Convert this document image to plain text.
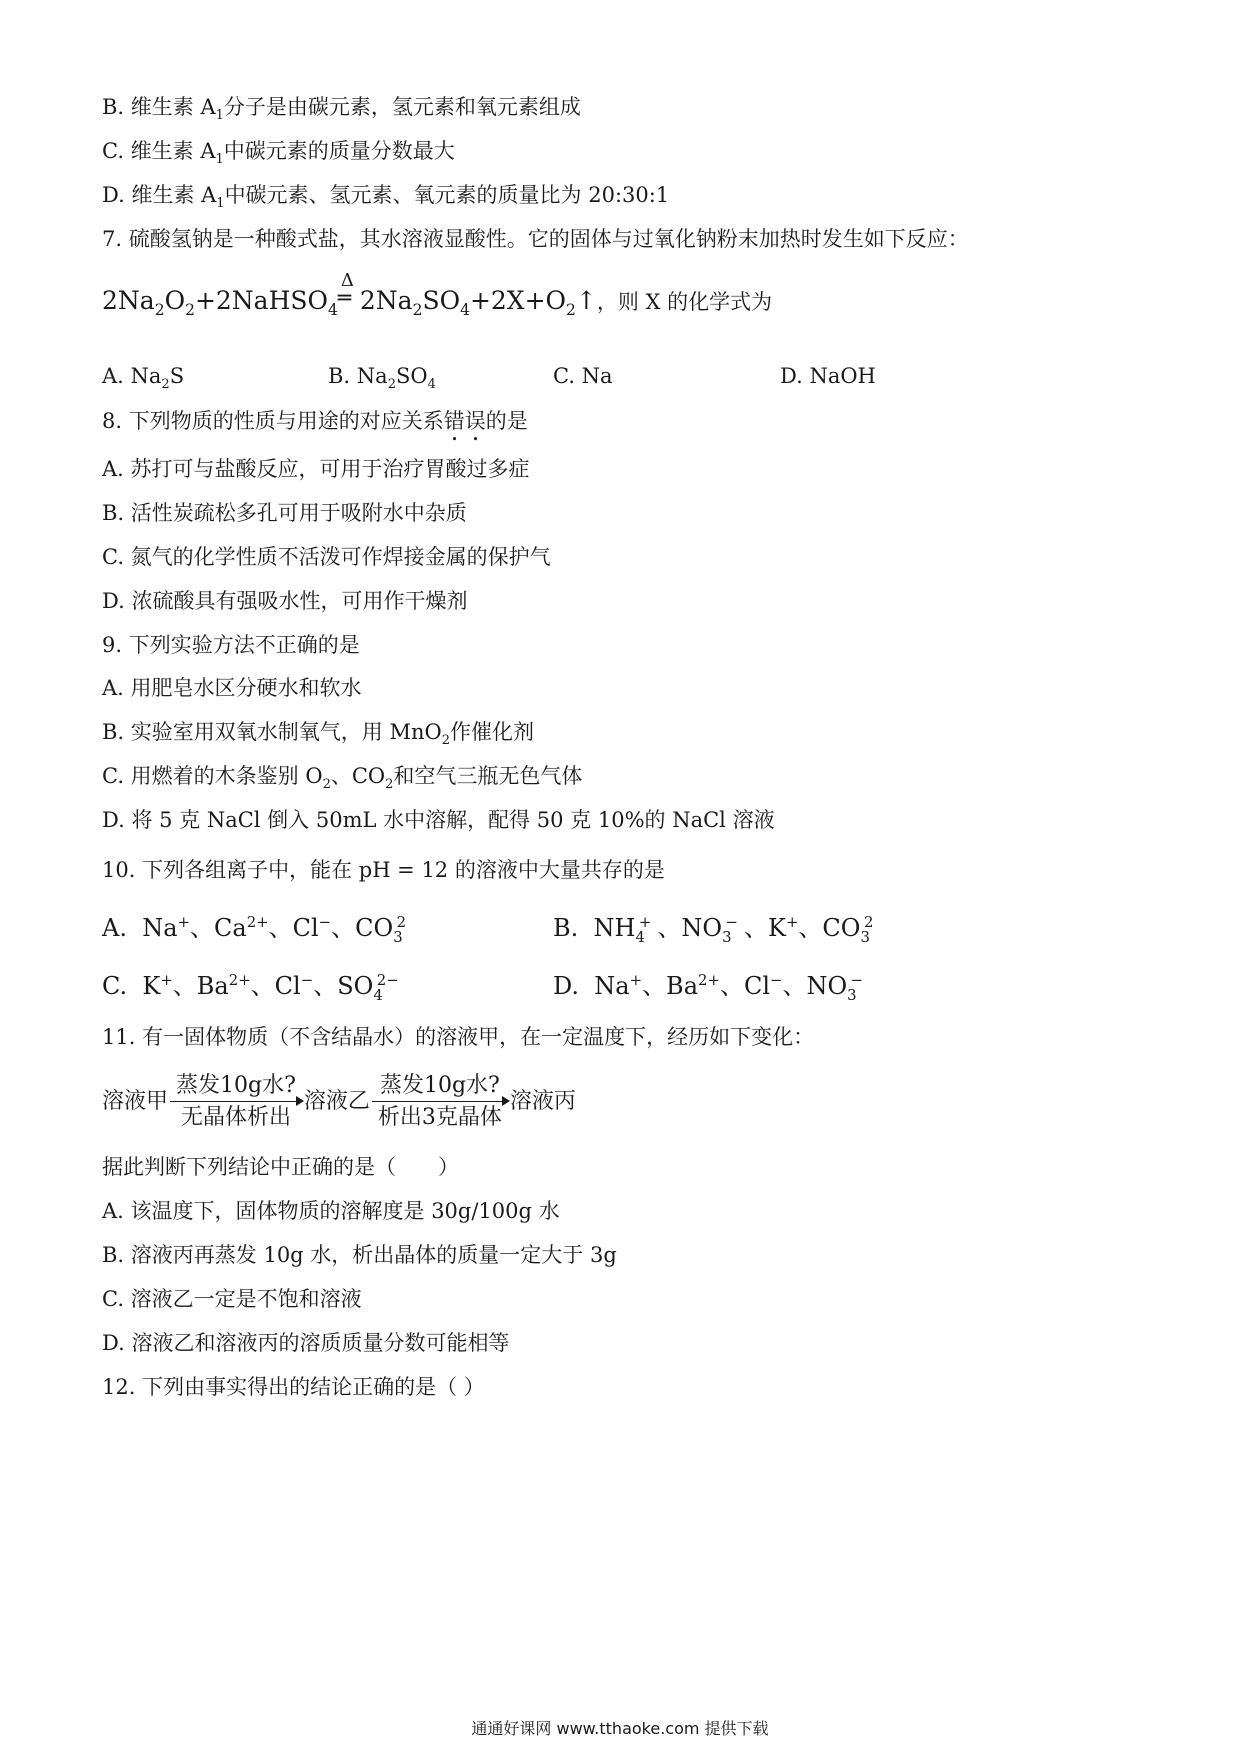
B. 维生素 $A_1$分子是由碳元素，氢元素和氧元素组成
C. 维生素 $A_1$中碳元素的质量分数最大
D. 维生素 $A_1$中碳元素、氢元素、氧元素的质量比为 20:30:1
7. 硫酸氢钠是一种酸式盐，其水溶液显酸性。它的固体与过氧化钠粉末加热时发生如下反应：
$2Na_2O_2+2NaHSO_4$
Δ
═ $2Na_2SO_4+2X+O_2↑$，则 X 的化学式为
A. $Na_2S$	B. $Na_2SO_4$	C. Na	D. NaOH
8. 下列物质的性质与用途的对应关系错误的是
A. 苏打可与盐酸反应，可用于治疗胃酸过多症
B. 活性炭疏松多孔可用于吸附水中杂质
C. 氮气的化学性质不活泼可作焊接金属的保护气
D. 浓硫酸具有强吸水性，可用作干燥剂
9. 下列实验方法不正确的是
A. 用肥皂水区分硬水和软水
B. 实验室用双氧水制氧气，用 MnO$_2$作催化剂
C. 用燃着的木条鉴别 $O_2$、$CO_2$和空气三瓶无色气体
D. 将 5 克 NaCl 倒入 50mL 水中溶解，配得 50 克 10%的 NaCl 溶液
10. 下列各组离子中，能在 pH = 12 的溶液中大量共存的是
A.  Na+、$Ca^{2+}$、Cl−、$CO_3^2$	B.  $NH_4^+$ 、$NO_3^-$ 、K+、$CO_3^2$
C.  K+、$Ba^{2+}$、Cl−、$SO_4^{2-}$	D.  Na+、$Ba^{2+}$、Cl−、$NO_3^-$
11. 有一固体物质（不含结晶水）的溶液甲，在一定温度下，经历如下变化：
溶液甲 $\frac{\text{蒸发10g水?}}{\text{无晶体析出}}$ 溶液乙 $\frac{\text{蒸发10g水?}}{\text{析出3克晶体}}$ 溶液丙
据此判断下列结论中正确的是（　　）
A. 该温度下，固体物质的溶解度是 30g/100g 水
B. 溶液丙再蒸发 10g 水，析出晶体的质量一定大于 3g
C. 溶液乙一定是不饱和溶液
D. 溶液乙和溶液丙的溶质质量分数可能相等
12. 下列由事实得出的结论正确的是（ ）
通通好课网 www.tthaoke.com 提供下载
